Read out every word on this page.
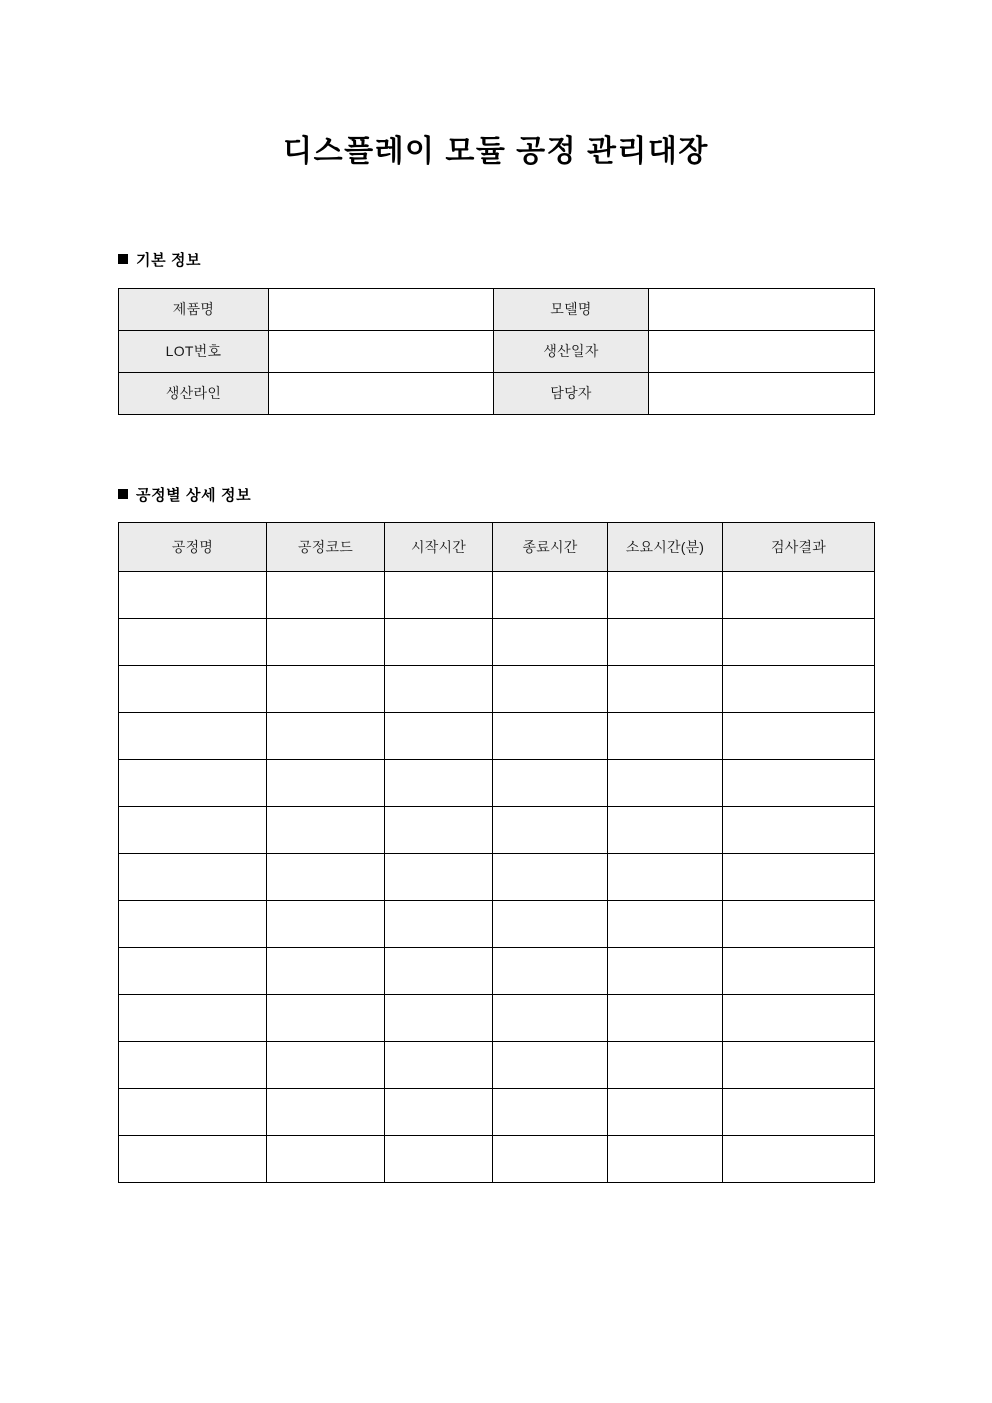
디스플레이 모듈 공정 관리대장
기본 정보
제품명		모델명	
LOT번호		생산일자	
생산라인		담당자	
공정별 상세 정보
공정명	공정코드	시작시간	종료시간	소요시간(분)	검사결과
